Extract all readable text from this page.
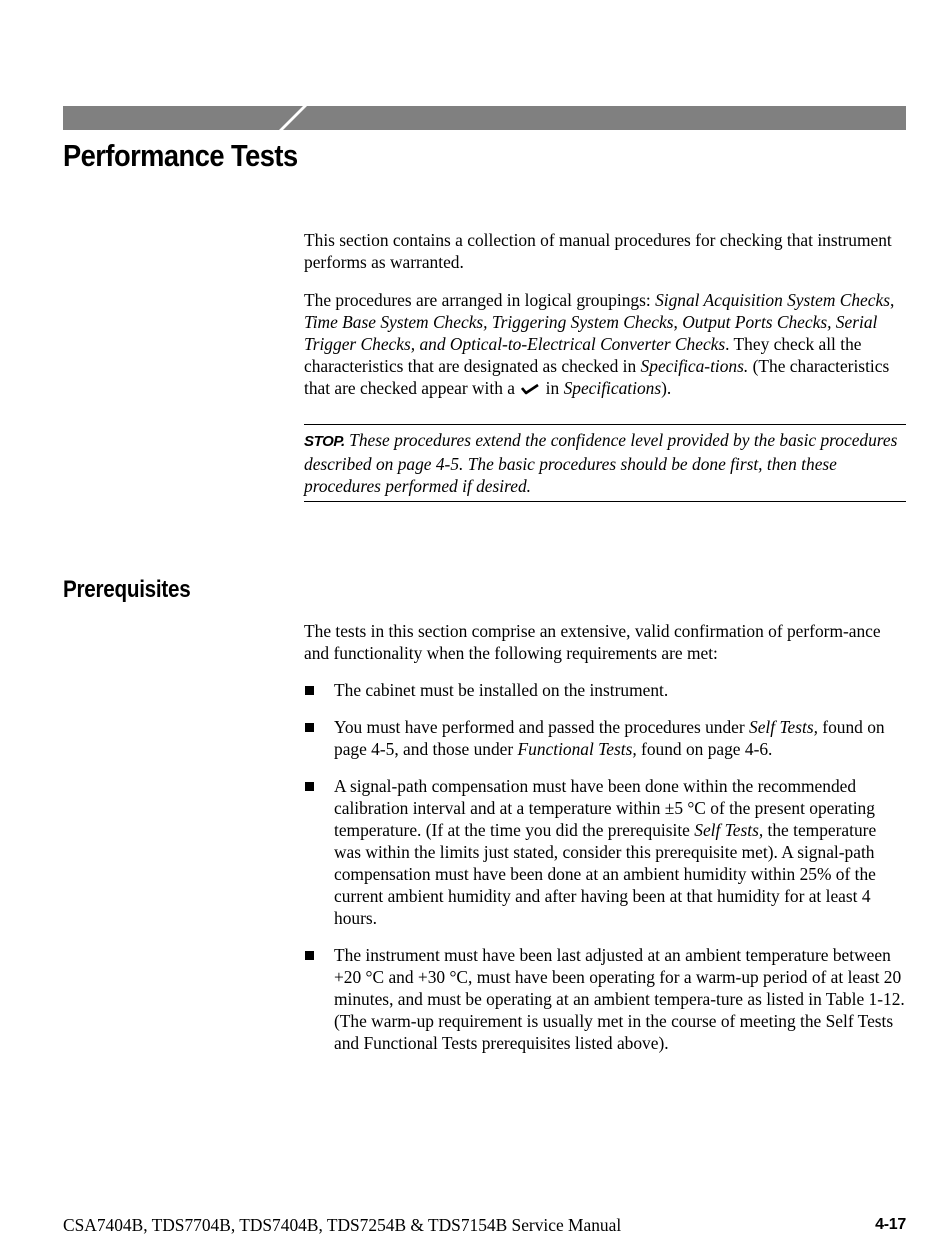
Performance Tests

This section contains a collection of manual procedures for checking that instrument performs as warranted.

The procedures are arranged in logical groupings: Signal Acquisition System Checks, Time Base System Checks, Triggering System Checks, Output Ports Checks, Serial Trigger Checks, and Optical-to-Electrical Converter Checks. They check all the characteristics that are designated as checked in Specifica-tions. (The characteristics that are checked appear with a  in Specifications).

STOP. These procedures extend the confidence level provided by the basic procedures described on page 4-5. The basic procedures should be done first, then these procedures performed if desired.
Prerequisites

The tests in this section comprise an extensive, valid confirmation of perform-ance and functionality when the following requirements are met:

The cabinet must be installed on the instrument.
You must have performed and passed the procedures under Self Tests, found on page 4-5, and those under Functional Tests, found on page 4-6.
A signal-path compensation must have been done within the recommended calibration interval and at a temperature within ±5 °C of the present operating temperature. (If at the time you did the prerequisite Self Tests, the temperature was within the limits just stated, consider this prerequisite met). A signal-path compensation must have been done at an ambient humidity within 25% of the current ambient humidity and after having been at that humidity for at least 4 hours.
The instrument must have been last adjusted at an ambient temperature between +20 °C and +30 °C, must have been operating for a warm-up period of at least 20 minutes, and must be operating at an ambient tempera-ture as listed in Table 1-12. (The warm-up requirement is usually met in the course of meeting the Self Tests and Functional Tests prerequisites listed above).
CSA7404B, TDS7704B, TDS7404B, TDS7254B & TDS7154B Service Manual	4-17
